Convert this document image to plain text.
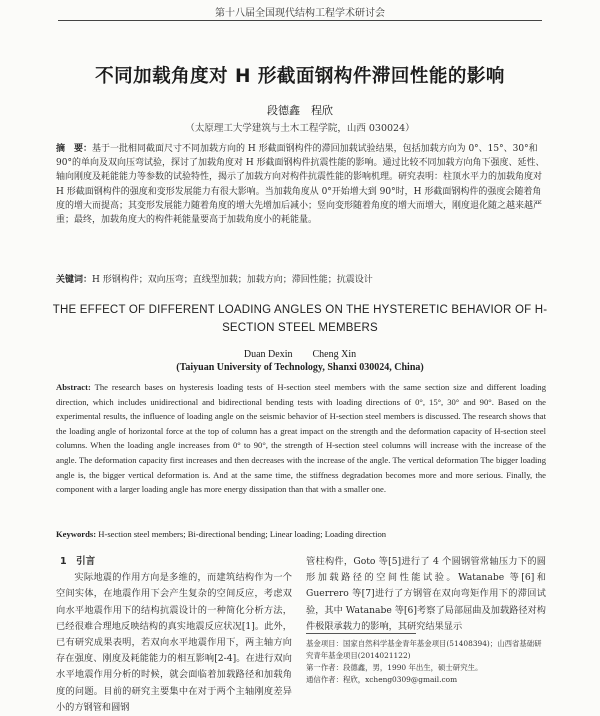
第十八届全国现代结构工程学术研讨会
不同加载角度对 H 形截面钢构件滞回性能的影响
段德鑫　程欣
（太原理工大学建筑与土木工程学院，山西 030024）
摘　要：基于一批相同截面尺寸不同加载方向的 H 形截面钢构件的滞回加载试验结果，包括加载方向为 0°、15°、30°和 90°的单向及双向压弯试验，探讨了加载角度对 H 形截面钢构件抗震性能的影响。通过比较不同加载方向角下强度、延性、轴向刚度及耗能能力等参数的试验特性，揭示了加载方向对构件抗震性能的影响机理。研究表明：柱顶水平力的加载角度对 H 形截面钢构件的强度和变形发展能力有很大影响。当加载角度从 0°开始增大到 90°时，H 形截面钢构件的强度会随着角度的增大而提高；其变形发展能力随着角度的增大先增加后减小；竖向变形随着角度的增大而增大，刚度退化随之越来越严重；最终，加载角度大的构件耗能量要高于加载角度小的耗能量。
关键词：H 形钢构件；双向压弯；直线型加载；加载方向；滞回性能；抗震设计
THE EFFECT OF DIFFERENT LOADING ANGLES ON THE HYSTERETIC BEHAVIOR OF H-SECTION STEEL MEMBERS
Duan Dexin　　Cheng Xin
(Taiyuan University of Technology, Shanxi 030024, China)
Abstract: The research bases on hysteresis loading tests of H-section steel members with the same section size and different loading direction, which includes unidirectional and bidirectional bending tests with loading directions of 0°, 15°, 30° and 90°. Based on the experimental results, the influence of loading angle on the seismic behavior of H-section steel members is discussed. The research shows that the loading angle of horizontal force at the top of column has a great impact on the strength and the deformation capacity of H-section steel columns. When the loading angle increases from 0° to 90°, the strength of H-section steel columns will increase with the increase of the angle. The deformation capacity first increases and then decreases with the increase of the angle. The vertical deformation The bigger loading angle is, the bigger vertical deformation is. And at the same time, the stiffness degradation becomes more and more serious. Finally, the component with a larger loading angle has more energy dissipation than that with a smaller one.
Keywords: H-section steel members; Bi-directional bending; Linear loading; Loading direction
1　引言
实际地震的作用方向是多维的，而建筑结构作为一个空间实体，在地震作用下会产生复杂的空间反应，考虑双向水平地震作用下的结构抗震设计的一种简化分析方法，已经很难合理地反映结构的真实地震反应状况[1]。此外，已有研究成果表明，若双向水平地震作用下，两主轴方向存在强度、刚度及耗能能力的相互影响[2-4]。在进行双向水平地震作用分析的时候，就会面临着加载路径和加载角度的问题。目前的研究主要集中在对于两个主轴刚度差异小的方钢管和圆钢
管柱构件，Goto 等[5]进行了 4 个圆钢管常轴压力下的圆形加载路径的空间性能试验。Watanabe 等[6]和 Guerrero 等[7]进行了方钢管在双向弯矩作用下的滞回试验，其中 Watanabe 等[6]考察了局部屈曲及加载路径对构件极限承载力的影响，其研究结果显示
基金项目：国家自然科学基金青年基金项目(51408394)；山西省基础研究青年基金项目(2014021122)
第一作者：段德鑫，男，1990 年出生，硕士研究生。
通信作者：程欣，xcheng0309@gmail.com
